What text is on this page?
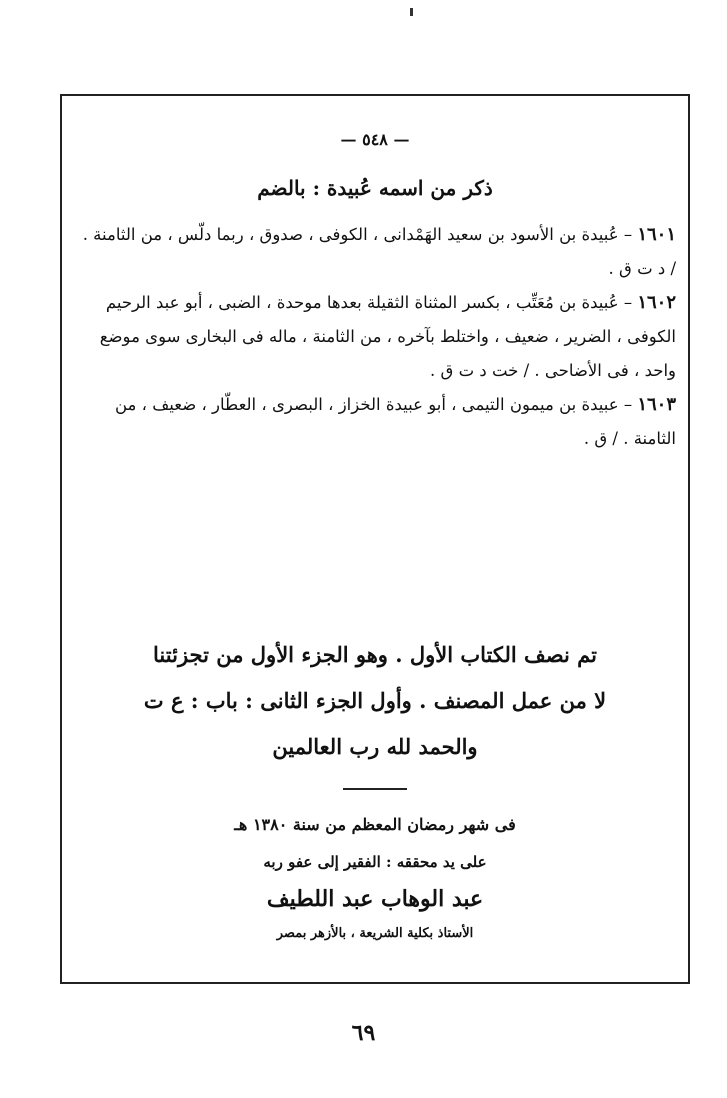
— ٥٤٨ —
ذكر من اسمه عُبيدة : بالضم

١٦٠١ – عُبيدة بن الأسود بن سعيد الهَمْدانى ، الكوفى ، صدوق ، ربما دلّس ، من الثامنة . / د ت ق .

١٦٠٢ – عُبيدة بن مُعَتِّب ، بكسر المثناة الثقيلة بعدها موحدة ، الضبى ، أبو عبد الرحيم الكوفى ، الضرير ، ضعيف ، واختلط بآخره ، من الثامنة ، ماله فى البخارى سوى موضع واحد ، فى الأضاحى . / خت د ت ق .

١٦٠٣ – عبيدة بن ميمون التيمى ، أبو عبيدة الخزاز ، البصرى ، العطّار ، ضعيف ، من الثامنة . / ق .

تم نصف الكتاب الأول . وهو الجزء الأول من تجزئتنا

لا من عمل المصنف . وأول الجزء الثانى : باب : ع ت

والحمد لله رب العالمين

فى شهر رمضان المعظم من سنة ١٣٨٠ هـ

على يد محققه : الفقير إلى عفو ربه

عبد الوهاب عبد اللطيف

الأستاذ بكلية الشريعة ، بالأزهر بمصر

٦٩
